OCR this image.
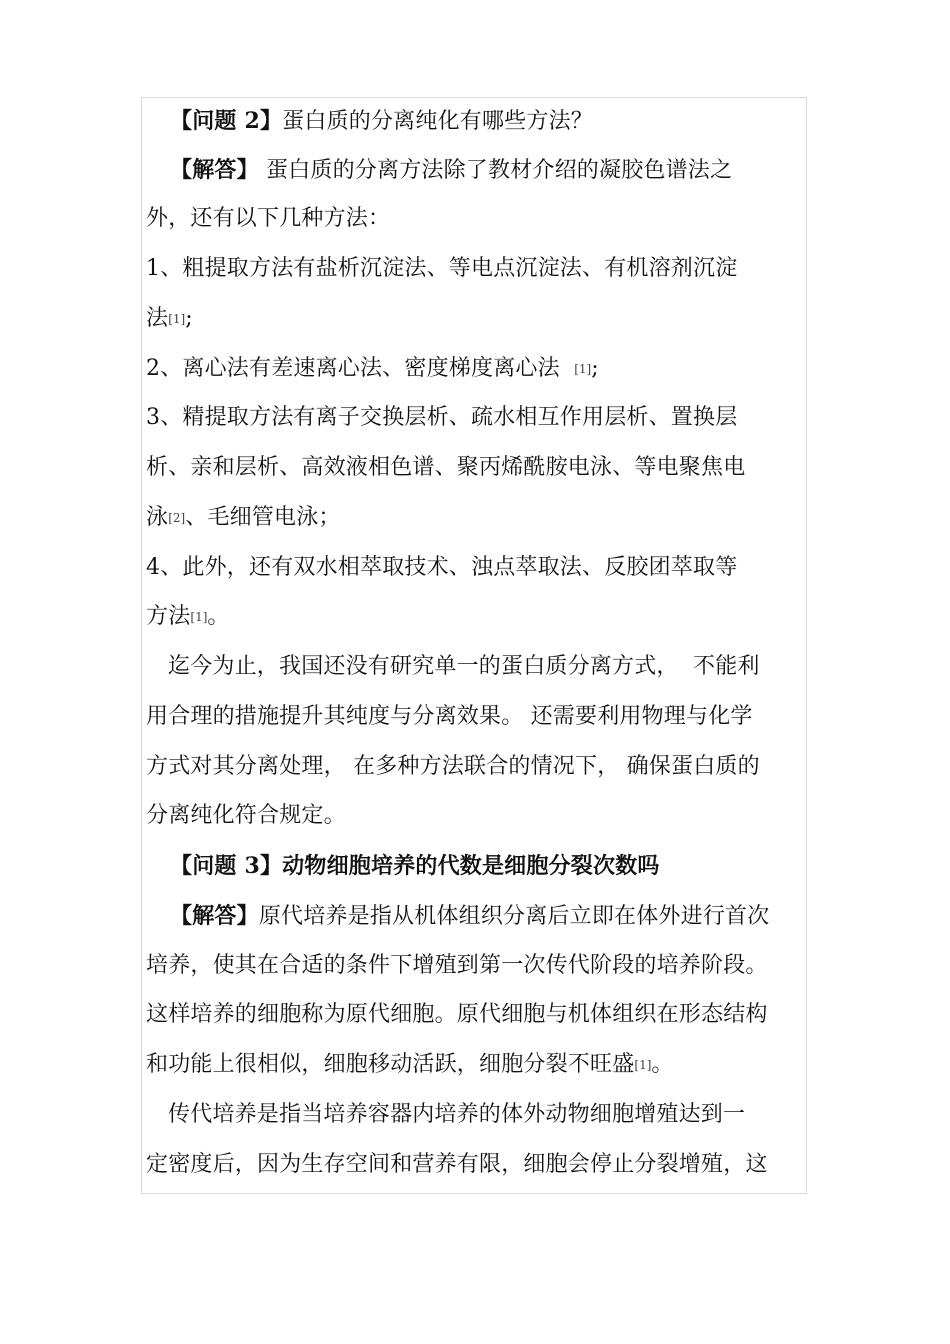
【问题 2】蛋白质的分离纯化有哪些方法？
【解答】 蛋白质的分离方法除了教材介绍的凝胶色谱法之
外，还有以下几种方法：
1、粗提取方法有盐析沉淀法、等电点沉淀法、有机溶剂沉淀
法[1];
2、离心法有差速离心法、密度梯度离心法  [1];
3、精提取方法有离子交换层析、疏水相互作用层析、置换层
析、亲和层析、高效液相色谱、聚丙烯酰胺电泳、等电聚焦电
泳[2]、毛细管电泳；
4、此外，还有双水相萃取技术、浊点萃取法、反胶团萃取等
方法[1]。
迄今为止，我国还没有研究单一的蛋白质分离方式，  不能利
用合理的措施提升其纯度与分离效果。 还需要利用物理与化学
方式对其分离处理， 在多种方法联合的情况下， 确保蛋白质的
分离纯化符合规定。
【问题 3】动物细胞培养的代数是细胞分裂次数吗
【解答】原代培养是指从机体组织分离后立即在体外进行首次
培养，使其在合适的条件下增殖到第一次传代阶段的培养阶段。
这样培养的细胞称为原代细胞。原代细胞与机体组织在形态结构
和功能上很相似，细胞移动活跃，细胞分裂不旺盛[1]。
传代培养是指当培养容器内培养的体外动物细胞增殖达到一
定密度后，因为生存空间和营养有限，细胞会停止分裂增殖，这
